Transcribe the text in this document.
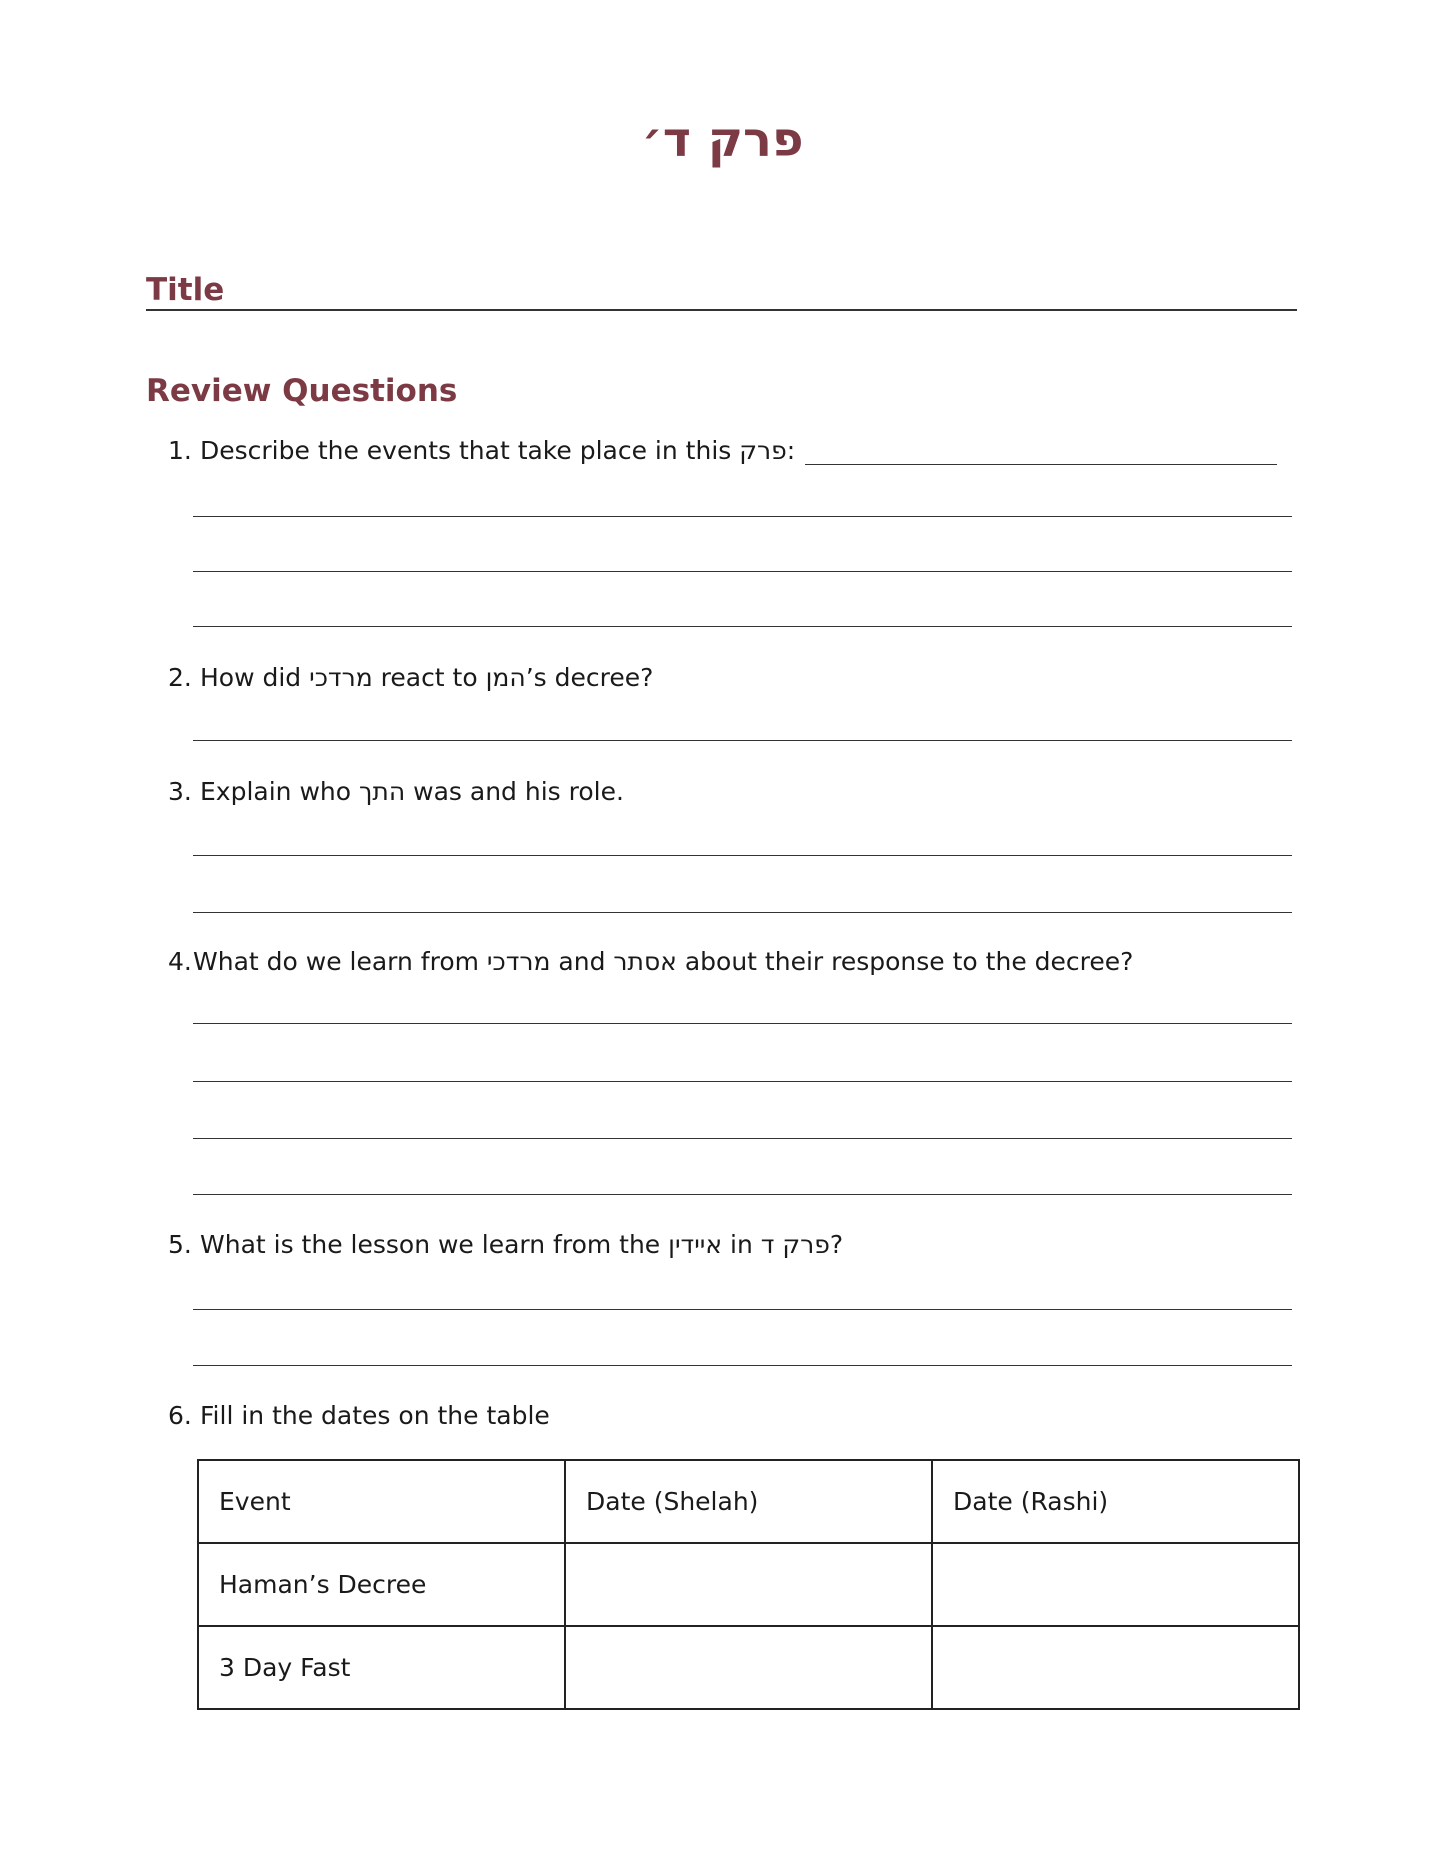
פרק ד׳
Title
Review Questions
1. Describe the events that take place in this פרק:
2. How did מרדכי react to המן’s decree?
3. Explain who התך was and his role.
4.What do we learn from מרדכי and אסתר about their response to the decree?
5. What is the lesson we learn from the איידין in פרק ד?
6. Fill in the dates on the table
Event	Date (Shelah)	Date (Rashi)
Haman’s Decree		
3 Day Fast		
